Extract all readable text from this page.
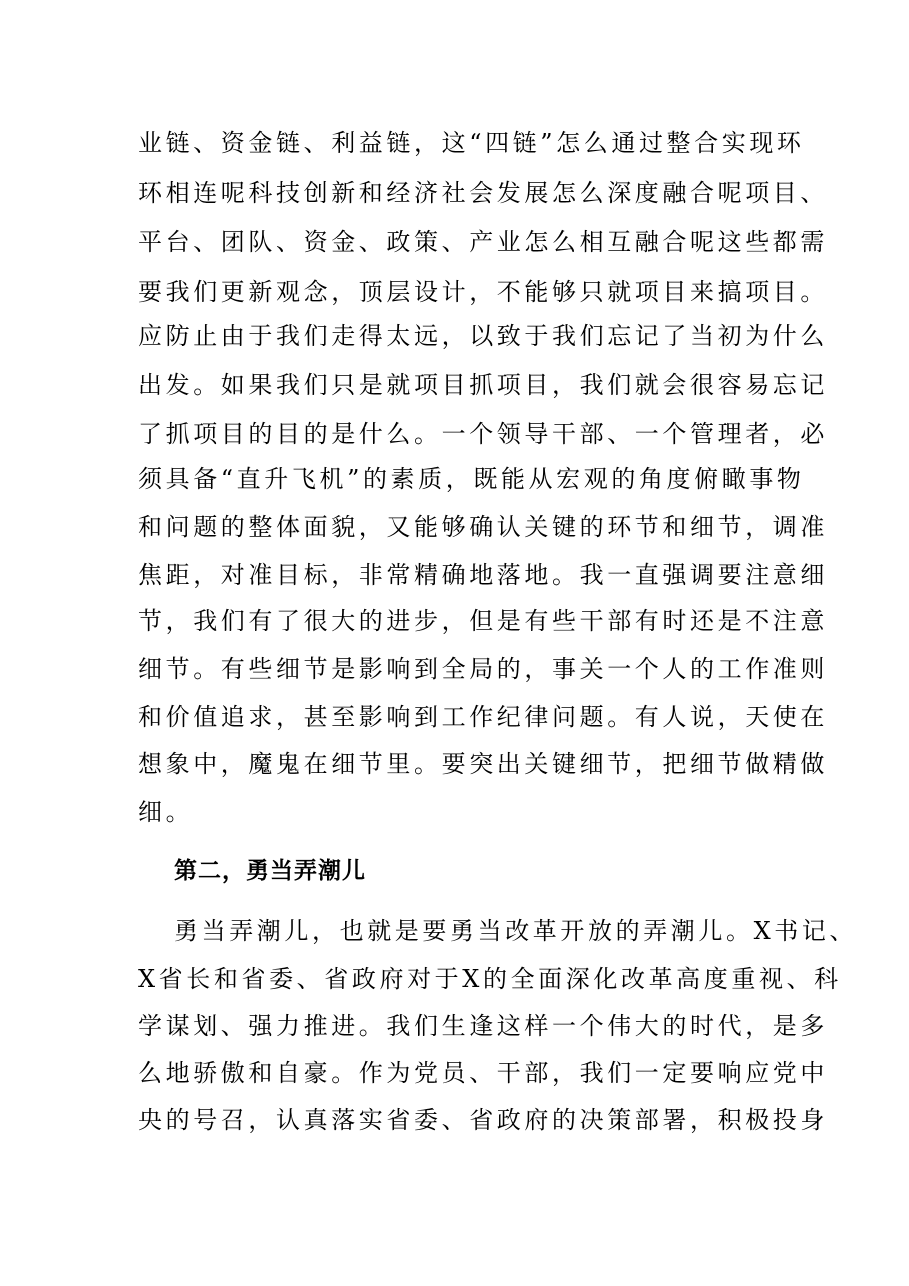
业链、资金链、利益链，这“四链”怎么通过整合实现环
环相连呢科技创新和经济社会发展怎么深度融合呢项目、
平台、团队、资金、政策、产业怎么相互融合呢这些都需
要我们更新观念，顶层设计，不能够只就项目来搞项目。
应防止由于我们走得太远，以致于我们忘记了当初为什么
出发。如果我们只是就项目抓项目，我们就会很容易忘记
了抓项目的目的是什么。一个领导干部、一个管理者，必
须具备“直升飞机”的素质，既能从宏观的角度俯瞰事物
和问题的整体面貌，又能够确认关键的环节和细节，调准
焦距，对准目标，非常精确地落地。我一直强调要注意细
节，我们有了很大的进步，但是有些干部有时还是不注意
细节。有些细节是影响到全局的，事关一个人的工作准则
和价值追求，甚至影响到工作纪律问题。有人说，天使在
想象中，魔鬼在细节里。要突出关键细节，把细节做精做
细。
第二，勇当弄潮儿
勇当弄潮儿，也就是要勇当改革开放的弄潮儿。X书记、
X省长和省委、省政府对于X的全面深化改革高度重视、科
学谋划、强力推进。我们生逢这样一个伟大的时代，是多
么地骄傲和自豪。作为党员、干部，我们一定要响应党中
央的号召，认真落实省委、省政府的决策部署，积极投身
